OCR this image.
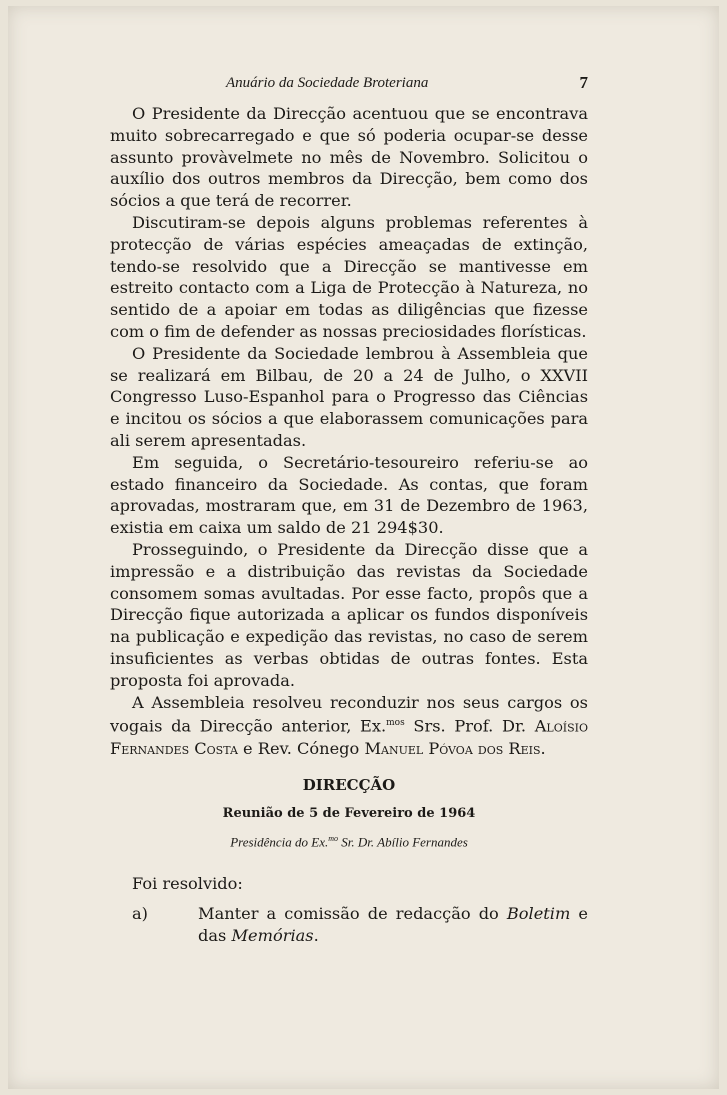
Anuário da Sociedade Broteriana	7

O Presidente da Direcção acentuou que se encontrava muito sobrecarregado e que só poderia ocupar-se desse assunto provàvelmete no mês de Novembro. Solicitou o auxílio dos outros membros da Direcção, bem como dos sócios a que terá de recorrer.

Discutiram-se depois alguns problemas referentes à protecção de várias espécies ameaçadas de extinção, tendo-se resolvido que a Direcção se mantivesse em estreito contacto com a Liga de Protecção à Natureza, no sentido de a apoiar em todas as diligências que fizesse com o fim de defender as nossas preciosidades florísticas.

O Presidente da Sociedade lembrou à Assembleia que se realizará em Bilbau, de 20 a 24 de Julho, o XXVII Congresso Luso-Espanhol para o Progresso das Ciências e incitou os sócios a que elaborassem comunicações para ali serem apresentadas.

Em seguida, o Secretário-tesoureiro referiu-se ao estado financeiro da Sociedade. As contas, que foram aprovadas, mostraram que, em 31 de Dezembro de 1963, existia em caixa um saldo de 21 294$30.

Prosseguindo, o Presidente da Direcção disse que a impressão e a distribuição das revistas da Sociedade consomem somas avultadas. Por esse facto, propôs que a Direcção fique autorizada a aplicar os fundos disponíveis na publicação e expedição das revistas, no caso de serem insuficientes as verbas obtidas de outras fontes. Esta proposta foi aprovada.

A Assembleia resolveu reconduzir nos seus cargos os vogais da Direcção anterior, Ex.$^{mos}$ Srs. Prof. Dr. Aloísio Fernandes Costa e Rev. Cónego Manuel Póvoa dos Reis.

DIRECÇÃO
Reunião de 5 de Fevereiro de 1964
Presidência do Ex.$^{mo}$ Sr. Dr. Abílio Fernandes
Foi resolvido:
a)	Manter a comissão de redacção do Boletim e das Memórias.
